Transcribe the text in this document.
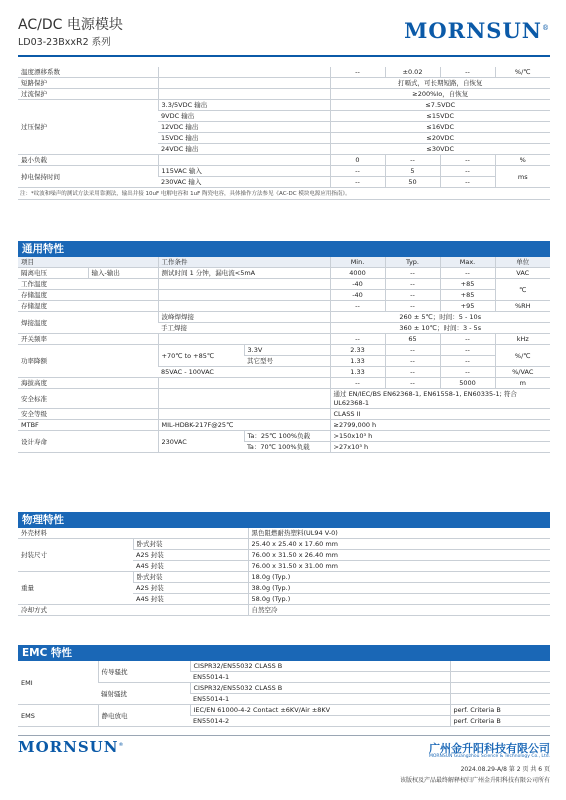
AC/DC 电源模块
LD03-23BxxR2 系列	MORNSUN®
温度漂移系数		--	±0.02	--	%/℃
短路保护		打嗝式，可长期短路，自恢复			
过流保护		≥200%Io，自恢复			
过压保护	3.3/5VDC 输出	≤7.5VDC			
	9VDC 输出	≤15VDC			
	12VDC 输出	≤16VDC			
	15VDC 输出	≤20VDC			
	24VDC 输出	≤30VDC			
最小负载		0	--	--	%
掉电保持时间	115VAC 输入	--	5	--	ms
	230VAC 输入	--	50	--	
注：*纹波和噪声的测试方法采用靠测法，输出并接 10uF 电解电容和 1uF 陶瓷电容，具体操作方法参见《AC-DC 模块电源应用指南》。
通用特性
项目		工作条件		Min.	Typ.	Max.	单位
隔离电压	输入-输出	测试时间 1 分钟，漏电流<5mA		4000	--	--	VAC
工作温度				-40	--	+85	℃
存储温度				-40	--	+85	
存储湿度				--	--	+95	%RH
焊接温度		波峰焊焊接		260 ± 5℃；时间：5 - 10s			
		手工焊接		360 ± 10℃；时间：3 - 5s			
开关频率				--	65	--	kHz
功率降额		+70℃ to +85℃	3.3V	2.33	--	--	%/℃
			其它型号	1.33	--	--	
		85VAC - 100VAC		1.33	--	--	%/VAC
海拔高度				--	--	5000	m
安全标准				通过 EN/IEC/BS EN62368-1, EN61558-1, EN60335-1; 符合 UL62368-1			
安全等级				CLASS II			
MTBF		MIL-HDBK-217F@25℃		≥2799,000 h			
设计寿命		230VAC	Ta：25℃ 100%负载	>150x10³ h			
			Ta：70℃ 100%负载	>27x10³ h			
物理特性
外壳材料		黑色阻燃耐热塑料(UL94 V-0)
封装尺寸	卧式封装	25.40 x 25.40 x 17.60 mm
	A2S 封装	76.00 x 31.50 x 26.40 mm
	A4S 封装	76.00 x 31.50 x 31.00 mm
重量	卧式封装	18.0g (Typ.)
	A2S 封装	38.0g (Typ.)
	A4S 封装	58.0g (Typ.)
冷却方式		自然空冷
EMC 特性
EMI	传导骚扰	CISPR32/EN55032 CLASS B	
		EN55014-1	
	辐射骚扰	CISPR32/EN55032 CLASS B	
		EN55014-1	
EMS	静电放电	IEC/EN 61000-4-2 Contact ±6KV/Air ±8KV	perf. Criteria B
		EN55014-2	perf. Criteria B
MORNSUN®	广州金升阳科技有限公司
MORNSUN Guangzhou Science & Technology Co., Ltd.
2024.08.29-A/8 第 2 页 共 6 页
该版权及产品最终解释权归广州金升阳科技有限公司所有
